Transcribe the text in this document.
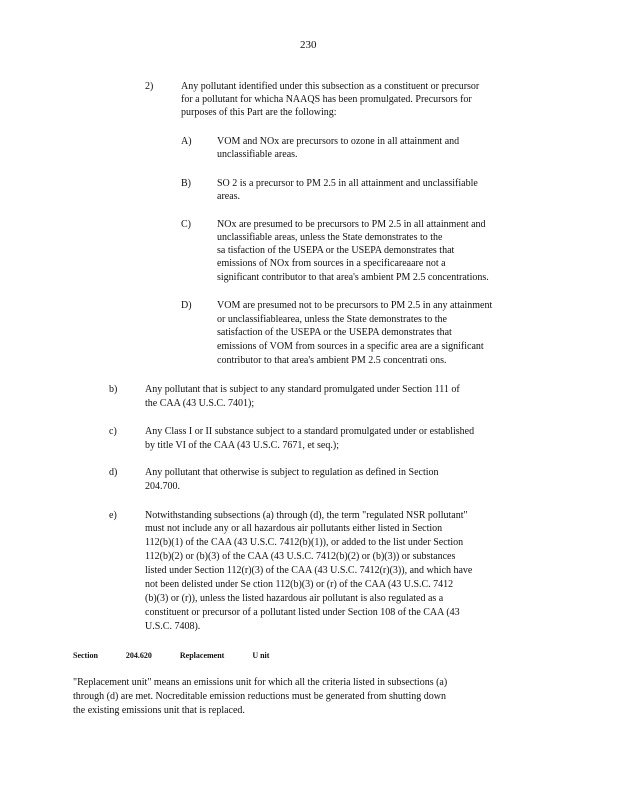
230

2)	Any pollutant identified under this subsection as a constituent or precursor

for a pollutant for whicha NAAQS has been promulgated. Precursors for

purposes of this Part are the following:

A)	VOM and NOx are precursors to ozone in all attainment and

unclassifiable areas.

B)	SO 2 is a precursor to PM 2.5 in all attainment and unclassifiable

areas.

C)	NOx are presumed to be precursors to PM 2.5 in all attainment and

unclassifiable areas, unless the State demonstrates to the

sa tisfaction of the USEPA or the USEPA demonstrates that

emissions of NOx from sources in a specificareaare not a

significant contributor to that area's ambient PM 2.5 concentrations.

D)	VOM are presumed not to be precursors to PM 2.5 in any attainment

or unclassifiablearea, unless the State demonstrates to the

satisfaction of the USEPA or the USEPA demonstrates that

emissions of VOM from sources in a specific area are a significant

contributor to that area's ambient PM 2.5 concentrati ons.

b)	Any pollutant that is subject to any standard promulgated under Section 111 of

the CAA (43 U.S.C. 7401);

c)	Any Class I or II substance subject to a standard promulgated under or established

by title VI of the CAA (43 U.S.C. 7671, et seq.);

d)	Any pollutant that otherwise is subject to regulation as defined in Section

204.700.

e)	Notwithstanding subsections (a) through (d), the term "regulated NSR pollutant"

must not include any or all hazardous air pollutants either listed in Section

112(b)(1) of the CAA (43 U.S.C. 7412(b)(1)), or added to the list under Section

112(b)(2) or (b)(3) of the CAA (43 U.S.C. 7412(b)(2) or (b)(3)) or substances

listed under Section 112(r)(3) of the CAA (43 U.S.C. 7412(r)(3)), and which have

not been delisted under Se ction 112(b)(3) or (r) of the CAA (43 U.S.C. 7412

(b)(3) or (r)), unless the listed hazardous air pollutant is also regulated as a

constituent or precursor of a pollutant listed under Section 108 of the CAA (43

U.S.C. 7408).

Section	204.620	Replacement	U nit

"Replacement unit" means an emissions unit for which all the criteria listed in subsections (a)

through (d) are met. Nocreditable emission reductions must be generated from shutting down

the existing emissions unit that is replaced.
